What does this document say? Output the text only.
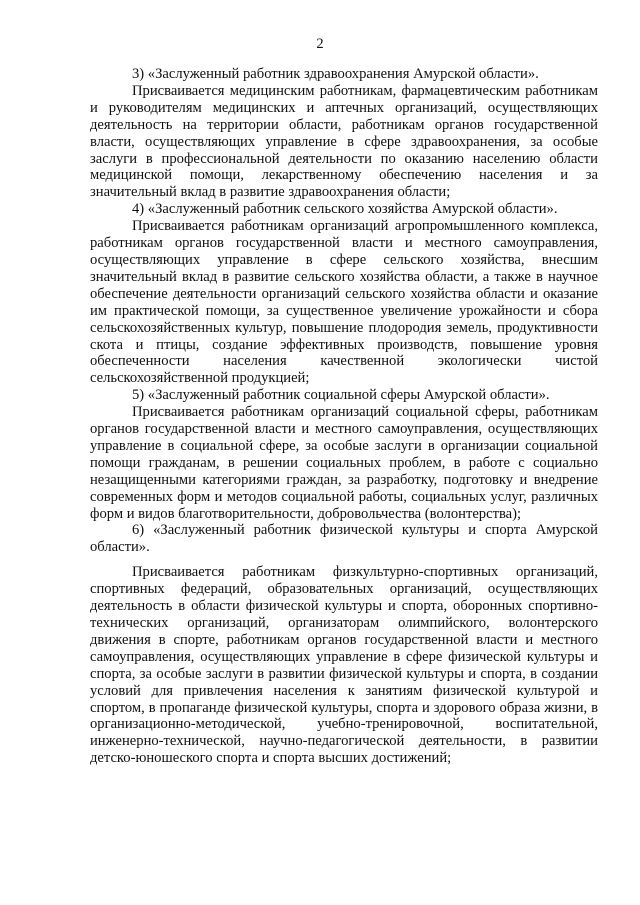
2

3) «Заслуженный работник здравоохранения Амурской области».

Присваивается медицинским работникам, фармацевтическим работникам и руководителям медицинских и аптечных организаций, осуществляющих деятельность на территории области, работникам органов государственной власти, осуществляющих управление в сфере здравоохранения, за особые заслуги в профессиональной деятельности по оказанию населению области медицинской помощи, лекарственному обеспечению населения и за значительный вклад в развитие здравоохранения области;

4) «Заслуженный работник сельского хозяйства Амурской области».

Присваивается работникам организаций агропромышленного комплекса, работникам органов государственной власти и местного самоуправления, осуществляющих управление в сфере сельского хозяйства, внесшим значительный вклад в развитие сельского хозяйства области, а также в научное обеспечение деятельности организаций сельского хозяйства области и оказание им практической помощи, за существенное увеличение урожайности и сбора сельскохозяйственных культур, повышение плодородия земель, продуктивности скота и птицы, создание эффективных производств, повышение уровня обеспеченности населения качественной экологически чистой сельскохозяйственной продукцией;

5) «Заслуженный работник социальной сферы Амурской области».

Присваивается работникам организаций социальной сферы, работникам органов государственной власти и местного самоуправления, осуществляющих управление в социальной сфере, за особые заслуги в организации социальной помощи гражданам, в решении социальных проблем, в работе с социально незащищенными категориями граждан, за разработку, подготовку и внедрение современных форм и методов социальной работы, социальных услуг, различных форм и видов благотворительности, добровольчества (волонтерства);

6) «Заслуженный работник физической культуры и спорта Амурской области».

Присваивается работникам физкультурно-спортивных организаций, спортивных федераций, образовательных организаций, осуществляющих деятельность в области физической культуры и спорта, оборонных спортивно-технических организаций, организаторам олимпийского, волонтерского движения в спорте, работникам органов государственной власти и местного самоуправления, осуществляющих управление в сфере физической культуры и спорта, за особые заслуги в развитии физической культуры и спорта, в создании условий для привлечения населения к занятиям физической культурой и спортом, в пропаганде физической культуры, спорта и здорового образа жизни, в организационно-методической, учебно-тренировочной, воспитательной, инженерно-технической, научно-педагогической деятельности, в развитии детско-юношеского спорта и спорта высших достижений;
